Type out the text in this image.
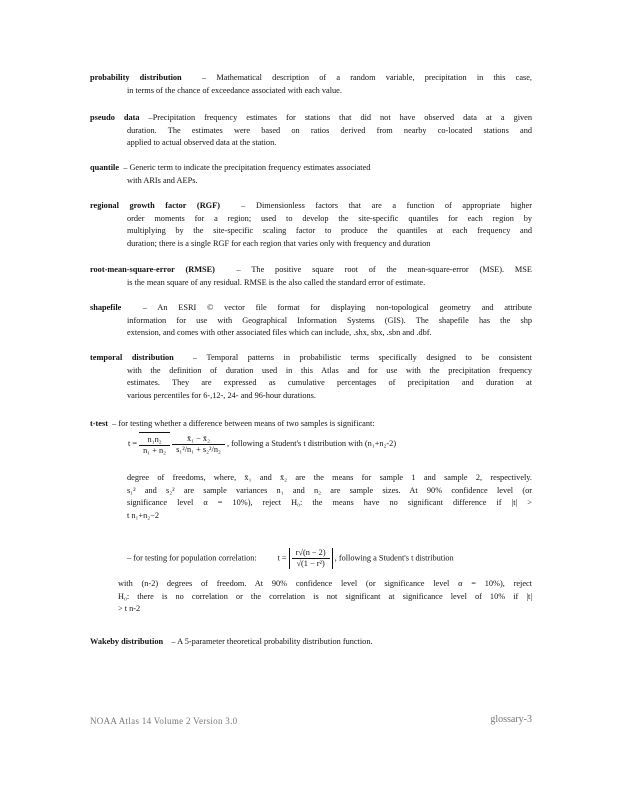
probability distribution – Mathematical description of a random variable, precipitation in this case,

in terms of the chance of exceedance associated with each value.

pseudo data –Precipitation frequency estimates for stations that did not have observed data at a given

duration. The estimates were based on ratios derived from nearby co-located stations and

applied to actual observed data at the station.

quantile – Generic term to indicate the precipitation frequency estimates associated

with ARIs and AEPs.

regional growth factor (RGF)	– Dimensionless factors that are a function of appropriate higher

order moments for a region; used to develop the site-specific quantiles for each region by

multiplying by the site-specific scaling factor to produce the quantiles at each frequency and

duration; there is a single RGF for each region that varies only with frequency and duration

root-mean-square-error (RMSE)	– The positive square root of the mean-square-error (MSE). MSE

is the mean square of any residual. RMSE is the also called the standard error of estimate.

shapefile	– An ESRI © vector file format for displaying non-topological geometry and attribute

information for use with Geographical Information Systems (GIS). The shapefile has the shp

extension, and comes with other associated files which can include, .shx, sbx, .sbn and .dbf.

temporal distribution – Temporal patterns in probabilistic terms specifically designed to be consistent

with the definition of duration used in this Atlas and for use with the precipitation frequency

estimates. They are expressed as cumulative percentages of precipitation and duration at

various percentiles for 6-,12-, 24- and 96-hour durations.

t-test – for testing whether a difference between means of two samples is significant:

$t = \frac{\text{n₁n₂}}{\text{n₁ + n₂}}$
$\frac{\text{x̄₁ − x̄₂}}{\text{s₁²/n₁ + s₂²/n₂}}$ , following a Student's t distribution with (n₁+n₂-2)

degree of freedoms, where, x̄₁ and x̄₂ are the means for sample 1 and sample 2, respectively.

s₁² and s₂² are sample variances n₁ and n₂ are sample sizes. At 90% confidence level (or

significance level α = 10%), reject H₀: the means have no significant difference if |t| >

t n₁+n₂−2

– for testing for population correlation:	$t = \frac{r√(n - 2)}{\text{√(1 − r²)}}$ , following a Student's t distribution

with (n-2) degrees of freedom. At 90% confidence level (or significance level α = 10%), reject

H₀: there is no correlation or the correlation is not significant at significance level of 10% if |t|

> t n-2

Wakeby distribution – A 5-parameter theoretical probability distribution function.

NOAA Atlas 14 Volume 2 Version 3.0	glossary-3
